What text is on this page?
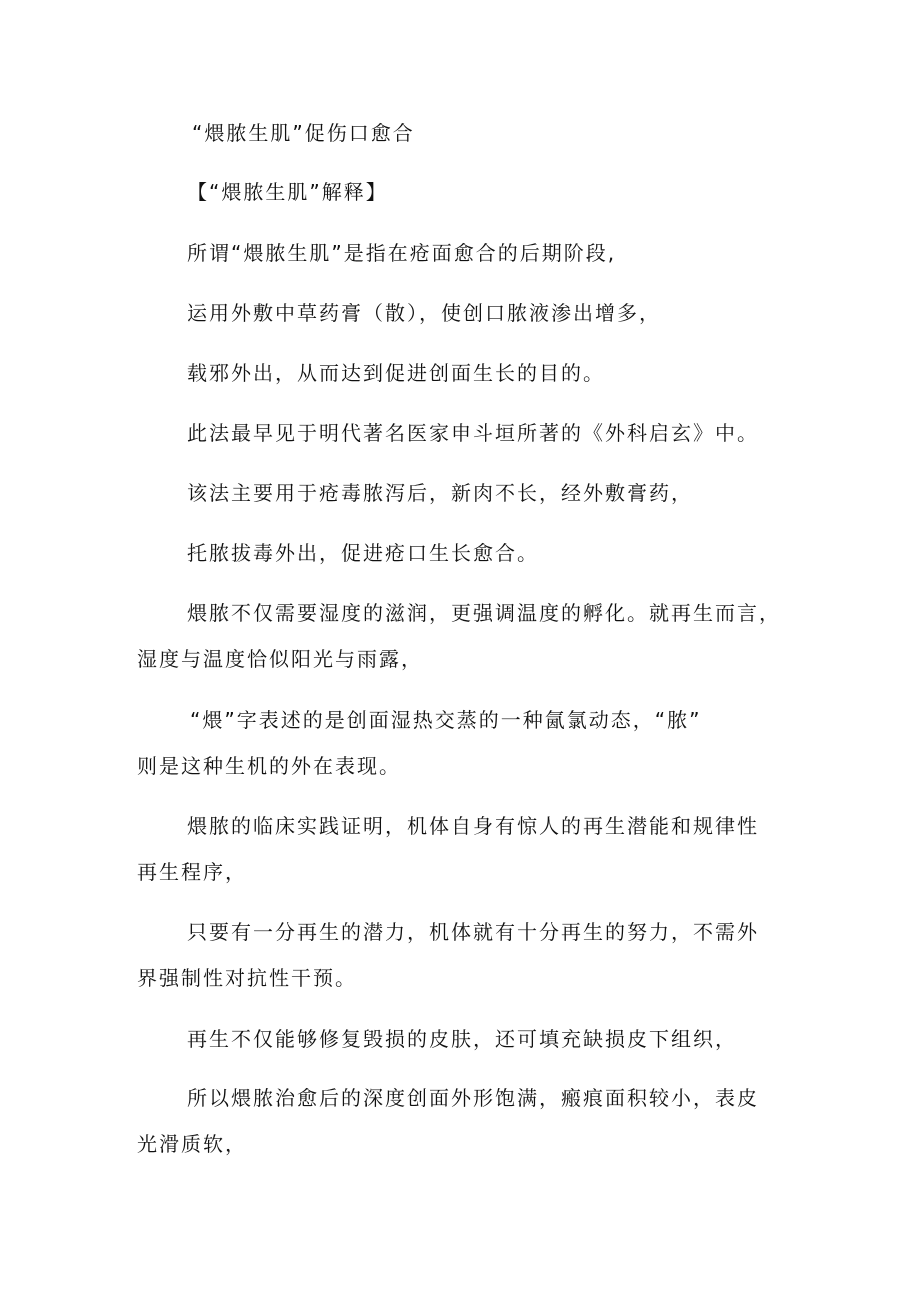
“煨脓生肌”促伤口愈合
【“煨脓生肌”解释】
所谓“煨脓生肌”是指在疮面愈合的后期阶段,
运用外敷中草药膏（散），使创口脓液渗出增多，
载邪外出，从而达到促进创面生长的目的。
此法最早见于明代著名医家申斗垣所著的《外科启玄》中。
该法主要用于疮毒脓泻后，新肉不长，经外敷膏药，
托脓拔毒外出，促进疮口生长愈合。
煨脓不仅需要湿度的滋润，更强调温度的孵化。就再生而言，
湿度与温度恰似阳光与雨露，
“煨”字表述的是创面湿热交蒸的一种氤氯动态，“脓”
则是这种生机的外在表现。
煨脓的临床实践证明，机体自身有惊人的再生潜能和规律性
再生程序，
只要有一分再生的潜力，机体就有十分再生的努力，不需外
界强制性对抗性干预。
再生不仅能够修复毁损的皮肤，还可填充缺损皮下组织，
所以煨脓治愈后的深度创面外形饱满，瘢痕面积较小，表皮
光滑质软，
